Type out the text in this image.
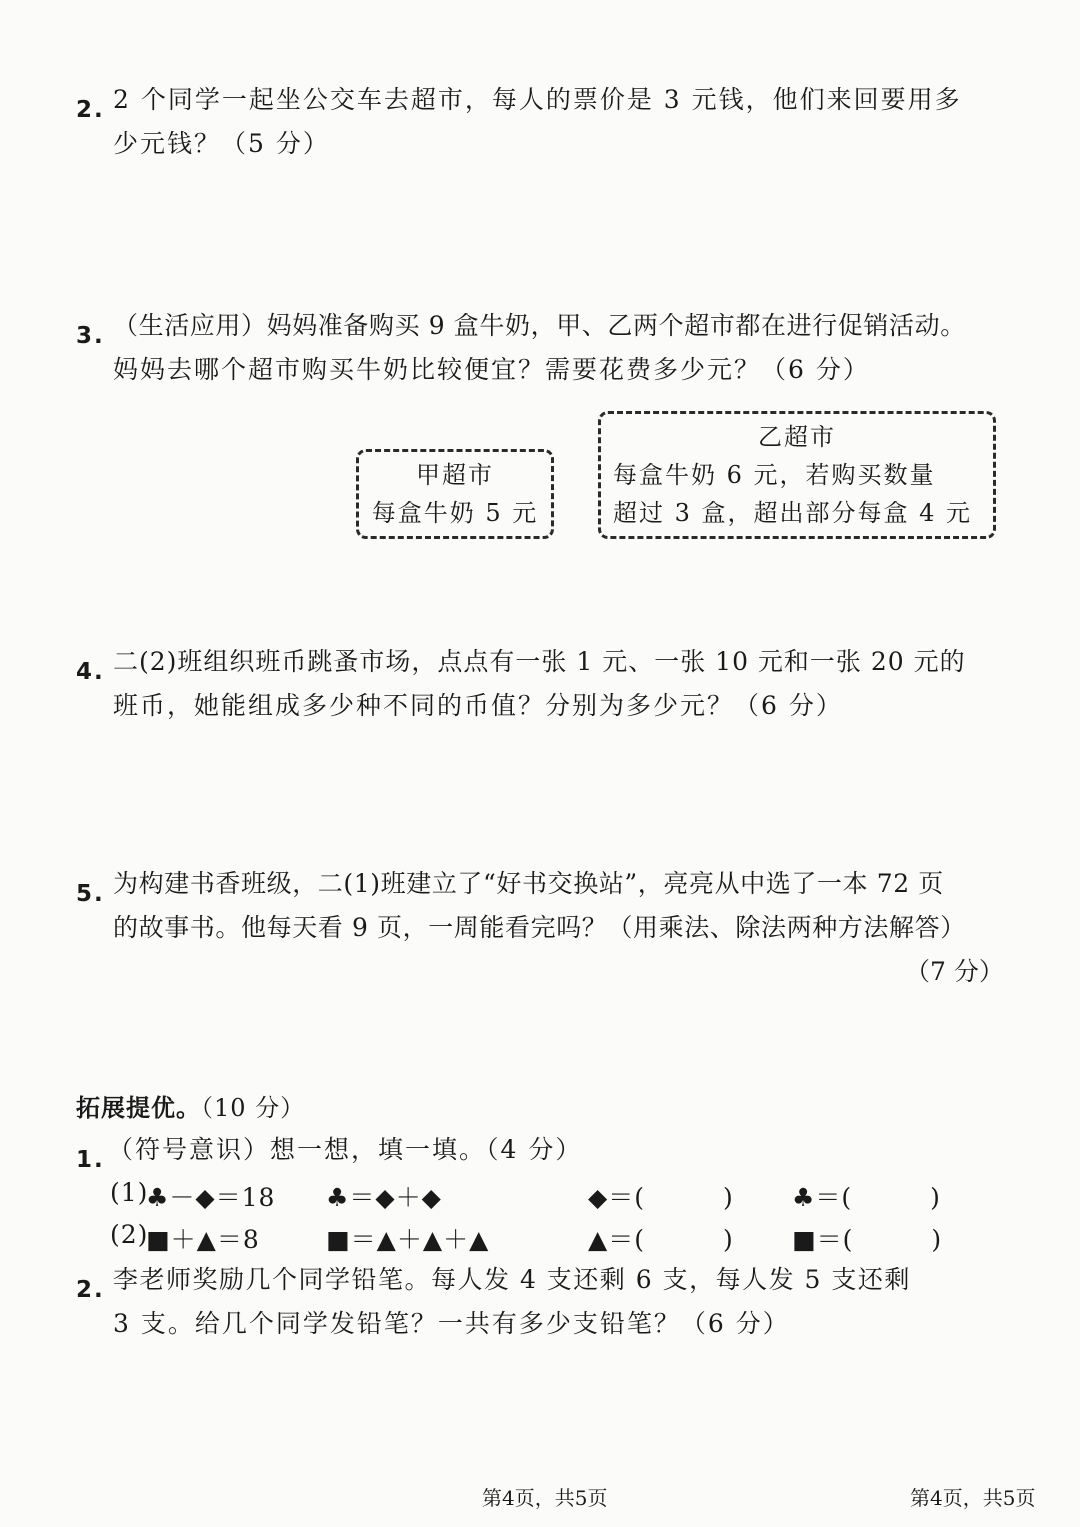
2. 2 个同学一起坐公交车去超市，每人的票价是 3 元钱，他们来回要用多
少元钱？（5 分）
3. （生活应用）妈妈准备购买 9 盒牛奶，甲、乙两个超市都在进行促销活动。
妈妈去哪个超市购买牛奶比较便宜？需要花费多少元？（6 分）
甲超市
每盒牛奶 5 元
乙超市
每盒牛奶 6 元，若购买数量
超过 3 盒，超出部分每盒 4 元
4. 二(2)班组织班币跳蚤市场，点点有一张 1 元、一张 10 元和一张 20 元的
班币，她能组成多少种不同的币值？分别为多少元？（6 分）
5. 为构建书香班级，二(1)班建立了“好书交换站”，亮亮从中选了一本 72 页
的故事书。他每天看 9 页，一周能看完吗？（用乘法、除法两种方法解答）
（7 分）
拓展提优。（10 分）
1. （符号意识）想一想，填一填。（4 分）
(1)
♣－◆＝18 ♣＝◆＋◆	◆＝(　　　) ♣＝(　　　)
(2)
■＋▲＝8	■＝▲＋▲＋▲	▲＝(　　　) ■＝(　　　)
2. 李老师奖励几个同学铅笔。每人发 4 支还剩 6 支，每人发 5 支还剩
3 支。给几个同学发铅笔？一共有多少支铅笔？（6 分）
第4页，共5页	第4页，共5页
